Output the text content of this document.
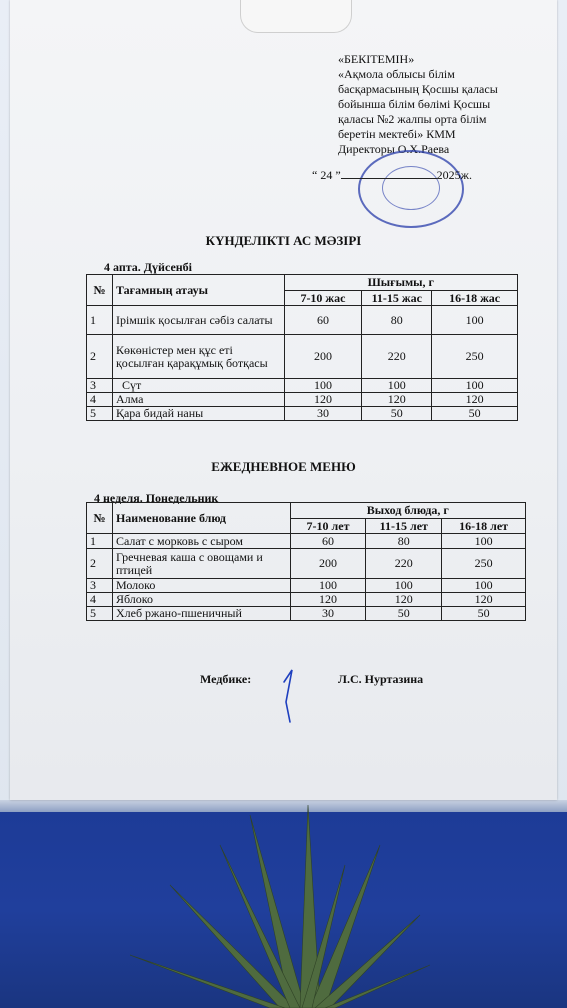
«БЕКІТЕМІН»
«Ақмола облысы білім
басқармасының Қосшы қаласы
бойынша білім бөлімі Қосшы
қаласы №2 жалпы орта білім
беретін мектебі» КММ
Директоры О.Х.Раева
“ 24 ”	2025ж.
КҮНДЕЛІКТІ АС МӘЗІРІ
4 апта. Дүйсенбі
№	Тағамның атауы	Шығымы, г		
		7-10 жас	11-15 жас	16-18 жас
1	Ірімшік қосылған сәбіз салаты	60	80	100
2	Көкөністер мен құс еті қосылған қарақұмық ботқасы	200	220	250
3	Сүт	100	100	100
4	Алма	120	120	120
5	Қара бидай наны	30	50	50
ЕЖЕДНЕВНОЕ МЕНЮ
4 неделя. Понедельник
№	Наименование блюд	Выход блюда, г		
		7-10 лет	11-15 лет	16-18 лет
1	Салат с морковь с сыром	60	80	100
2	Гречневая каша с овощами и птицей	200	220	250
3	Молоко	100	100	100
4	Яблоко	120	120	120
5	Хлеб ржано-пшеничный	30	50	50
Медбике:	Л.С. Нуртазина
